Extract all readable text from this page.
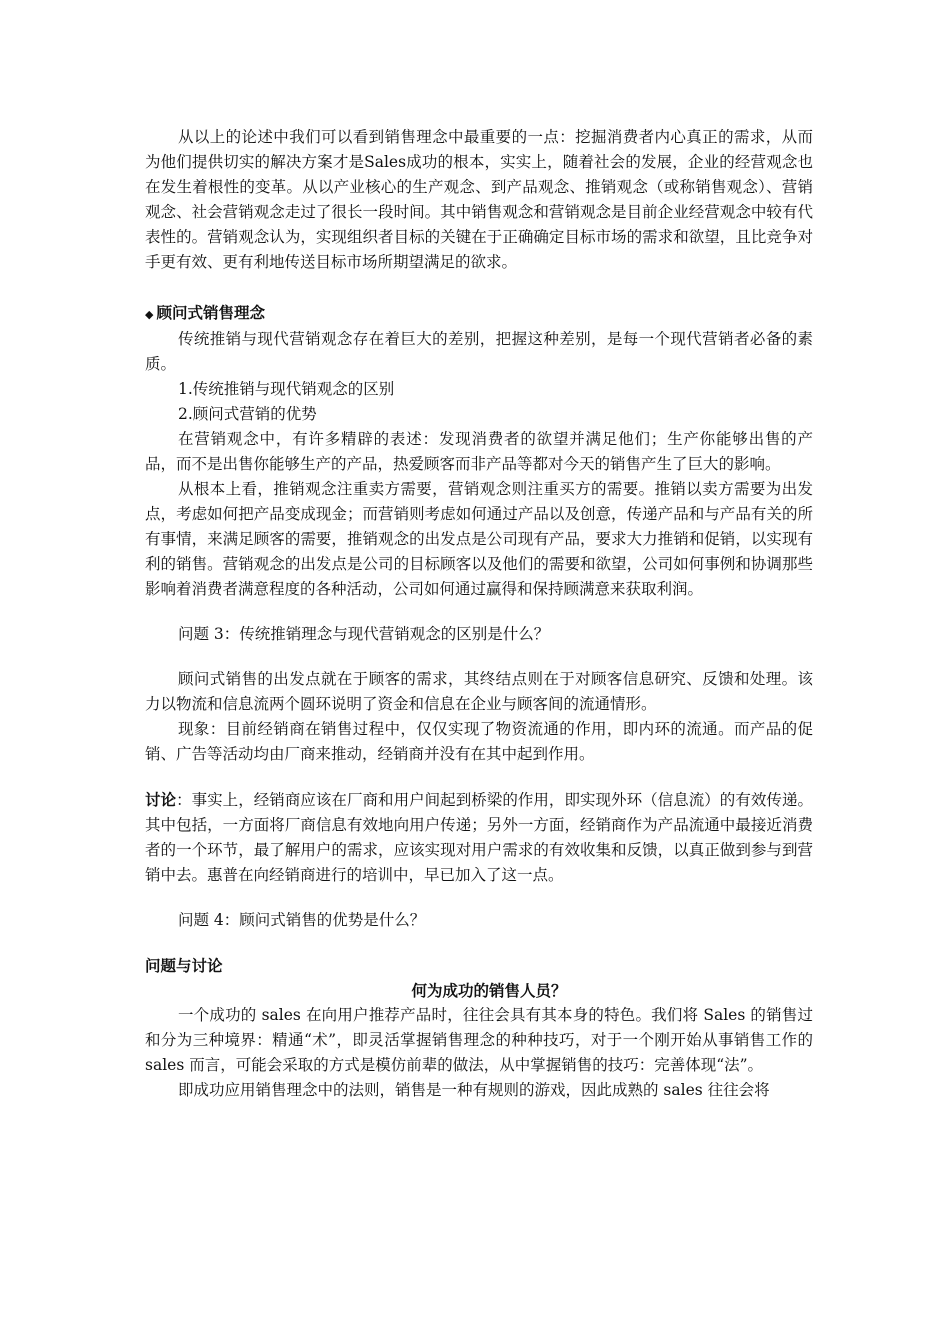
从以上的论述中我们可以看到销售理念中最重要的一点：挖掘消费者内心真正的需求，从而为他们提供切实的解决方案才是Sales成功的根本，实实上，随着社会的发展，企业的经营观念也在发生着根性的变革。从以产业核心的生产观念、到产品观念、推销观念（或称销售观念）、营销观念、社会营销观念走过了很长一段时间。其中销售观念和营销观念是目前企业经营观念中较有代表性的。营销观念认为，实现组织者目标的关键在于正确确定目标市场的需求和欲望，且比竞争对手更有效、更有利地传送目标市场所期望满足的欲求。

◆ 顾问式销售理念

传统推销与现代营销观念存在着巨大的差别，把握这种差别，是每一个现代营销者必备的素质。

1.传统推销与现代销观念的区别

2.顾问式营销的优势

在营销观念中，有许多精辟的表述：发现消费者的欲望并满足他们；生产你能够出售的产品，而不是出售你能够生产的产品，热爱顾客而非产品等都对今天的销售产生了巨大的影响。

从根本上看，推销观念注重卖方需要，营销观念则注重买方的需要。推销以卖方需要为出发点，考虑如何把产品变成现金；而营销则考虑如何通过产品以及创意，传递产品和与产品有关的所有事情，来满足顾客的需要，推销观念的出发点是公司现有产品，要求大力推销和促销，以实现有利的销售。营销观念的出发点是公司的目标顾客以及他们的需要和欲望，公司如何事例和协调那些影响着消费者满意程度的各种活动，公司如何通过赢得和保持顾满意来获取利润。

问题 3：传统推销理念与现代营销观念的区别是什么？

顾问式销售的出发点就在于顾客的需求，其终结点则在于对顾客信息研究、反馈和处理。该力以物流和信息流两个圆环说明了资金和信息在企业与顾客间的流通情形。

现象：目前经销商在销售过程中，仅仅实现了物资流通的作用，即内环的流通。而产品的促销、广告等活动均由厂商来推动，经销商并没有在其中起到作用。

讨论：事实上，经销商应该在厂商和用户间起到桥梁的作用，即实现外环（信息流）的有效传递。其中包括，一方面将厂商信息有效地向用户传递；另外一方面，经销商作为产品流通中最接近消费者的一个环节，最了解用户的需求，应该实现对用户需求的有效收集和反馈，以真正做到参与到营销中去。惠普在向经销商进行的培训中，早已加入了这一点。

问题 4：顾问式销售的优势是什么？

问题与讨论

何为成功的销售人员？

一个成功的 sales 在向用户推荐产品时，往往会具有其本身的特色。我们将 Sales 的销售过和分为三种境界：精通“术”，即灵活掌握销售理念的种种技巧，对于一个刚开始从事销售工作的 sales 而言，可能会采取的方式是模仿前辈的做法，从中掌握销售的技巧：完善体现“法”。

即成功应用销售理念中的法则，销售是一种有规则的游戏，因此成熟的 sales 往往会将
